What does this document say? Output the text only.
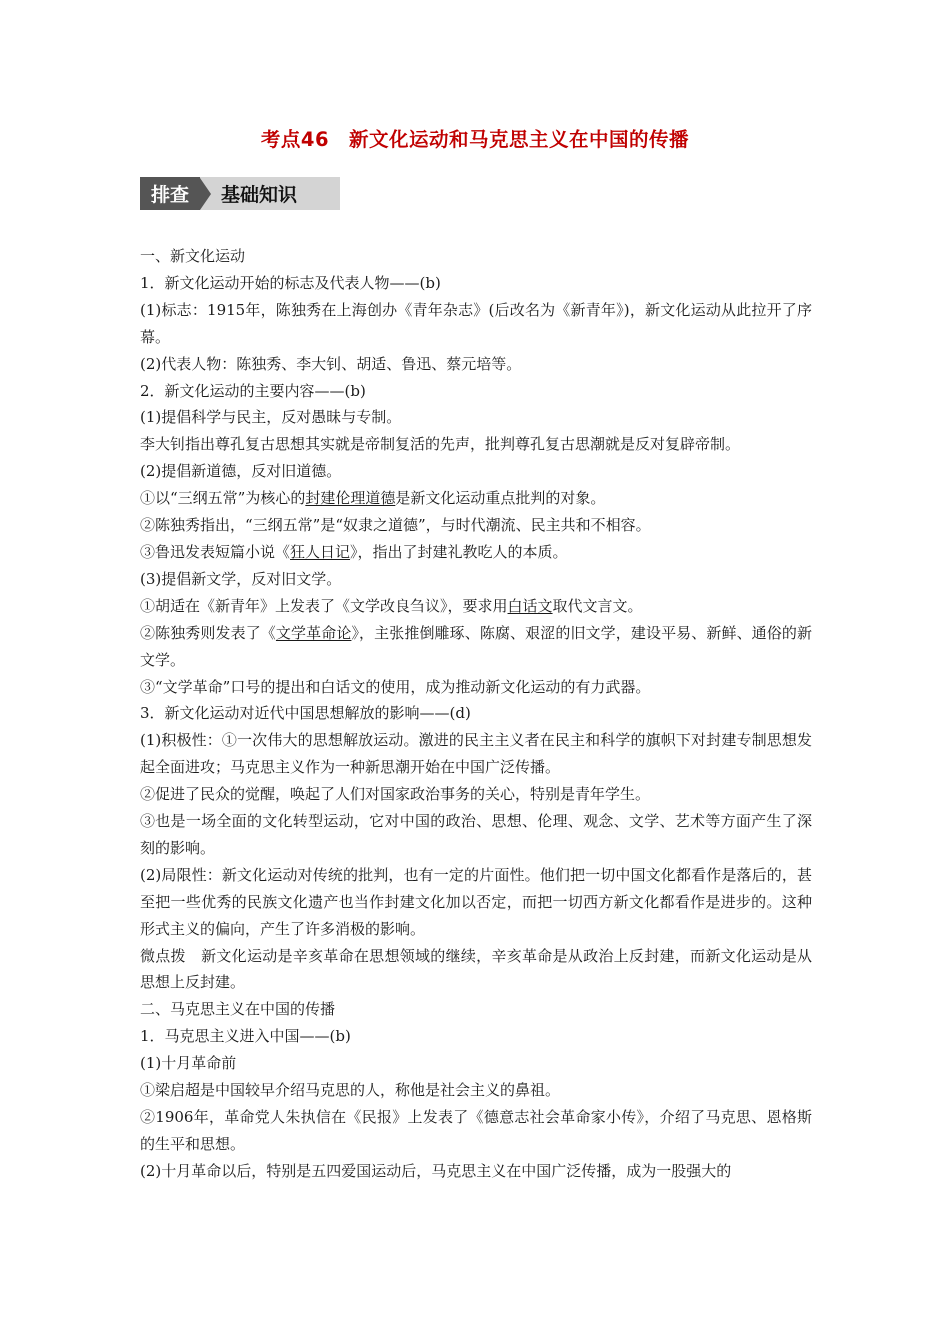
考点46　新文化运动和马克思主义在中国的传播
排查	基础知识

一、新文化运动

1．新文化运动开始的标志及代表人物——(b)

(1)标志：1915年，陈独秀在上海创办《青年杂志》(后改名为《新青年》)，新文化运动从此拉开了序幕。

(2)代表人物：陈独秀、李大钊、胡适、鲁迅、蔡元培等。

2．新文化运动的主要内容——(b)

(1)提倡科学与民主，反对愚昧与专制。

李大钊指出尊孔复古思想其实就是帝制复活的先声，批判尊孔复古思潮就是反对复辟帝制。

(2)提倡新道德，反对旧道德。

①以“三纲五常”为核心的封建伦理道德是新文化运动重点批判的对象。

②陈独秀指出，“三纲五常”是“奴隶之道德”，与时代潮流、民主共和不相容。

③鲁迅发表短篇小说《狂人日记》，指出了封建礼教吃人的本质。

(3)提倡新文学，反对旧文学。

①胡适在《新青年》上发表了《文学改良刍议》，要求用白话文取代文言文。

②陈独秀则发表了《文学革命论》，主张推倒雕琢、陈腐、艰涩的旧文学，建设平易、新鲜、通俗的新文学。

③“文学革命”口号的提出和白话文的使用，成为推动新文化运动的有力武器。

3．新文化运动对近代中国思想解放的影响——(d)

(1)积极性：①一次伟大的思想解放运动。激进的民主主义者在民主和科学的旗帜下对封建专制思想发起全面进攻；马克思主义作为一种新思潮开始在中国广泛传播。

②促进了民众的觉醒，唤起了人们对国家政治事务的关心，特别是青年学生。

③也是一场全面的文化转型运动，它对中国的政治、思想、伦理、观念、文学、艺术等方面产生了深刻的影响。

(2)局限性：新文化运动对传统的批判，也有一定的片面性。他们把一切中国文化都看作是落后的，甚至把一些优秀的民族文化遗产也当作封建文化加以否定，而把一切西方新文化都看作是进步的。这种形式主义的偏向，产生了许多消极的影响。

微点拨　新文化运动是辛亥革命在思想领域的继续，辛亥革命是从政治上反封建，而新文化运动是从思想上反封建。

二、马克思主义在中国的传播

1．马克思主义进入中国——(b)

(1)十月革命前

①梁启超是中国较早介绍马克思的人，称他是社会主义的鼻祖。

②1906年，革命党人朱执信在《民报》上发表了《德意志社会革命家小传》，介绍了马克思、恩格斯的生平和思想。

(2)十月革命以后，特别是五四爱国运动后，马克思主义在中国广泛传播，成为一股强大的
